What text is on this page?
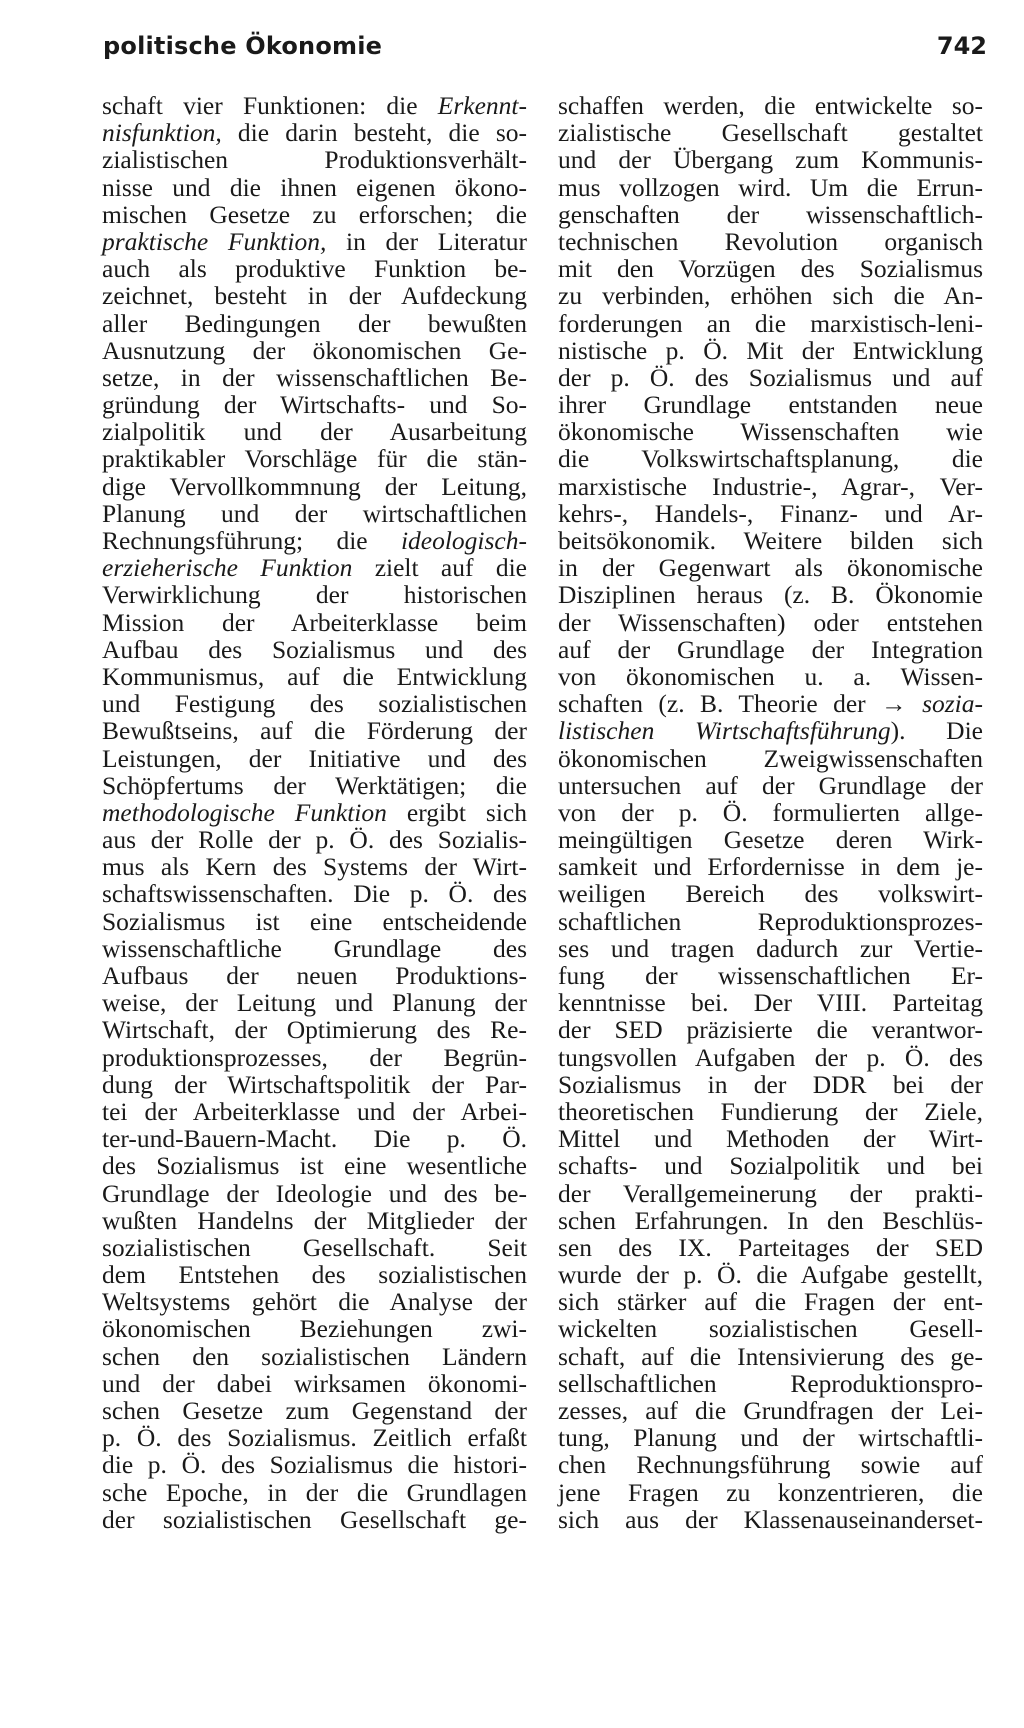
politische Ökonomie	742
schaft vier Funktionen: die Erkennt-
nisfunktion, die darin besteht, die so-
zialistischen Produktionsverhält-
nisse und die ihnen eigenen ökono-
mischen Gesetze zu erforschen; die
praktische Funktion, in der Literatur
auch als produktive Funktion be-
zeichnet, besteht in der Aufdeckung
aller Bedingungen der bewußten
Ausnutzung der ökonomischen Ge-
setze, in der wissenschaftlichen Be-
gründung der Wirtschafts- und So-
zialpolitik und der Ausarbeitung
praktikabler Vorschläge für die stän-
dige Vervollkommnung der Leitung,
Planung und der wirtschaftlichen
Rechnungsführung; die ideologisch-
erzieherische Funktion zielt auf die
Verwirklichung der historischen
Mission der Arbeiterklasse beim
Aufbau des Sozialismus und des
Kommunismus, auf die Entwicklung
und Festigung des sozialistischen
Bewußtseins, auf die Förderung der
Leistungen, der Initiative und des
Schöpfertums der Werktätigen; die
methodologische Funktion ergibt sich
aus der Rolle der p. Ö. des Sozialis-
mus als Kern des Systems der Wirt-
schaftswissenschaften. Die p. Ö. des
Sozialismus ist eine entscheidende
wissenschaftliche Grundlage des
Aufbaus der neuen Produktions-
weise, der Leitung und Planung der
Wirtschaft, der Optimierung des Re-
produktionsprozesses, der Begrün-
dung der Wirtschaftspolitik der Par-
tei der Arbeiterklasse und der Arbei-
ter-und-Bauern-Macht. Die p. Ö.
des Sozialismus ist eine wesentliche
Grundlage der Ideologie und des be-
wußten Handelns der Mitglieder der
sozialistischen Gesellschaft. Seit
dem Entstehen des sozialistischen
Weltsystems gehört die Analyse der
ökonomischen Beziehungen zwi-
schen den sozialistischen Ländern
und der dabei wirksamen ökonomi-
schen Gesetze zum Gegenstand der
p. Ö. des Sozialismus. Zeitlich erfaßt
die p. Ö. des Sozialismus die histori-
sche Epoche, in der die Grundlagen
der sozialistischen Gesellschaft ge-
schaffen werden, die entwickelte so-
zialistische Gesellschaft gestaltet
und der Übergang zum Kommunis-
mus vollzogen wird. Um die Errun-
genschaften der wissenschaftlich-
technischen Revolution organisch
mit den Vorzügen des Sozialismus
zu verbinden, erhöhen sich die An-
forderungen an die marxistisch-leni-
nistische p. Ö. Mit der Entwicklung
der p. Ö. des Sozialismus und auf
ihrer Grundlage entstanden neue
ökonomische Wissenschaften wie
die Volkswirtschaftsplanung, die
marxistische Industrie-, Agrar-, Ver-
kehrs-, Handels-, Finanz- und Ar-
beitsökonomik. Weitere bilden sich
in der Gegenwart als ökonomische
Disziplinen heraus (z. B. Ökonomie
der Wissenschaften) oder entstehen
auf der Grundlage der Integration
von ökonomischen u. a. Wissen-
schaften (z. B. Theorie der → sozia-
listischen Wirtschaftsführung). Die
ökonomischen Zweigwissenschaften
untersuchen auf der Grundlage der
von der p. Ö. formulierten allge-
meingültigen Gesetze deren Wirk-
samkeit und Erfordernisse in dem je-
weiligen Bereich des volkswirt-
schaftlichen Reproduktionsprozes-
ses und tragen dadurch zur Vertie-
fung der wissenschaftlichen Er-
kenntnisse bei. Der VIII. Parteitag
der SED präzisierte die verantwor-
tungsvollen Aufgaben der p. Ö. des
Sozialismus in der DDR bei der
theoretischen Fundierung der Ziele,
Mittel und Methoden der Wirt-
schafts- und Sozialpolitik und bei
der Verallgemeinerung der prakti-
schen Erfahrungen. In den Beschlüs-
sen des IX. Parteitages der SED
wurde der p. Ö. die Aufgabe gestellt,
sich stärker auf die Fragen der ent-
wickelten sozialistischen Gesell-
schaft, auf die Intensivierung des ge-
sellschaftlichen Reproduktionspro-
zesses, auf die Grundfragen der Lei-
tung, Planung und der wirtschaftli-
chen Rechnungsführung sowie auf
jene Fragen zu konzentrieren, die
sich aus der Klassenauseinanderset-
